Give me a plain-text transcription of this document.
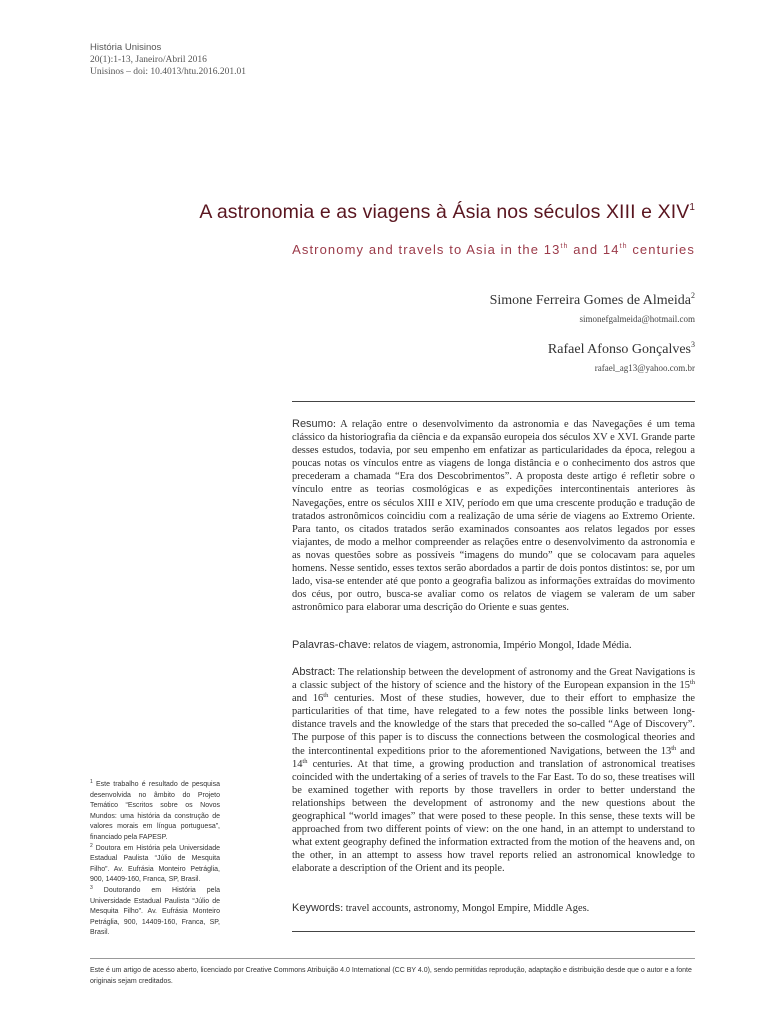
História Unisinos
20(1):1-13, Janeiro/Abril 2016
Unisinos – doi: 10.4013/htu.2016.201.01
A astronomia e as viagens à Ásia nos séculos XIII e XIV$^1$
Astronomy and travels to Asia in the 13th and 14th centuries
Simone Ferreira Gomes de Almeida$^2$
simonefgalmeida@hotmail.com
Rafael Afonso Gonçalves$^3$
rafael_ag13@yahoo.com.br
Resumo: A relação entre o desenvolvimento da astronomia e das Navegações é um tema clássico da historiografia da ciência e da expansão europeia dos séculos XV e XVI. Grande parte desses estudos, todavia, por seu empenho em enfatizar as particularidades da época, relegou a poucas notas os vínculos entre as viagens de longa distância e o conhecimento dos astros que precederam a chamada “Era dos Descobrimentos”. A proposta deste artigo é refletir sobre o vínculo entre as teorias cosmológicas e as expedições intercontinentais anteriores às Navegações, entre os séculos XIII e XIV, período em que uma crescente produção e tradução de tratados astronômicos coincidiu com a realização de uma série de viagens ao Extremo Oriente. Para tanto, os citados tratados serão examinados consoantes aos relatos legados por esses viajantes, de modo a melhor compreender as relações entre o desenvolvimento da astronomia e as novas questões sobre as possíveis “imagens do mundo” que se colocavam para aqueles homens. Nesse sentido, esses textos serão abordados a partir de dois pontos distintos: se, por um lado, visa-se entender até que ponto a geografia balizou as informações extraídas do movimento dos céus, por outro, busca-se avaliar como os relatos de viagem se valeram de um saber astronômico para elaborar uma descrição do Oriente e suas gentes.
Palavras-chave: relatos de viagem, astronomia, Império Mongol, Idade Média.
Abstract: The relationship between the development of astronomy and the Great Navigations is a classic subject of the history of science and the history of the European expansion in the 15th and 16th centuries. Most of these studies, however, due to their effort to emphasize the particularities of that time, have relegated to a few notes the possible links between long-distance travels and the knowledge of the stars that preceded the so-called “Age of Discovery”. The purpose of this paper is to discuss the connections between the cosmological theories and the intercontinental expeditions prior to the aforementioned Navigations, between the 13th and 14th centuries. At that time, a growing production and translation of astronomical treatises coincided with the undertaking of a series of travels to the Far East. To do so, these treatises will be examined together with reports by those travellers in order to better understand the relationships between the development of astronomy and the new questions about the geographical “world images” that were posed to these people. In this sense, these texts will be approached from two different points of view: on the one hand, in an attempt to understand to what extent geography defined the information extracted from the motion of the heavens and, on the other, in an attempt to assess how travel reports relied an astronomical knowledge to elaborate a description of the Orient and its people.
Keywords: travel accounts, astronomy, Mongol Empire, Middle Ages.

$^1$ Este trabalho é resultado de pesquisa desenvolvida no âmbito do Projeto Temático “Escritos sobre os Novos Mundos: uma história da construção de valores morais em língua portuguesa”, financiado pela FAPESP.

$^2$ Doutora em História pela Universidade Estadual Paulista “Júlio de Mesquita Filho”. Av. Eufrásia Monteiro Petráglia, 900, 14409-160, Franca, SP, Brasil.

$^3$ Doutorando em História pela Universidade Estadual Paulista “Júlio de Mesquita Filho”. Av. Eufrásia Monteiro Petráglia, 900, 14409-160, Franca, SP, Brasil.

Este é um artigo de acesso aberto, licenciado por Creative Commons Atribuição 4.0 International (CC BY 4.0), sendo permitidas reprodução, adaptação e distribuição desde que o autor e a fonte originais sejam creditados.
